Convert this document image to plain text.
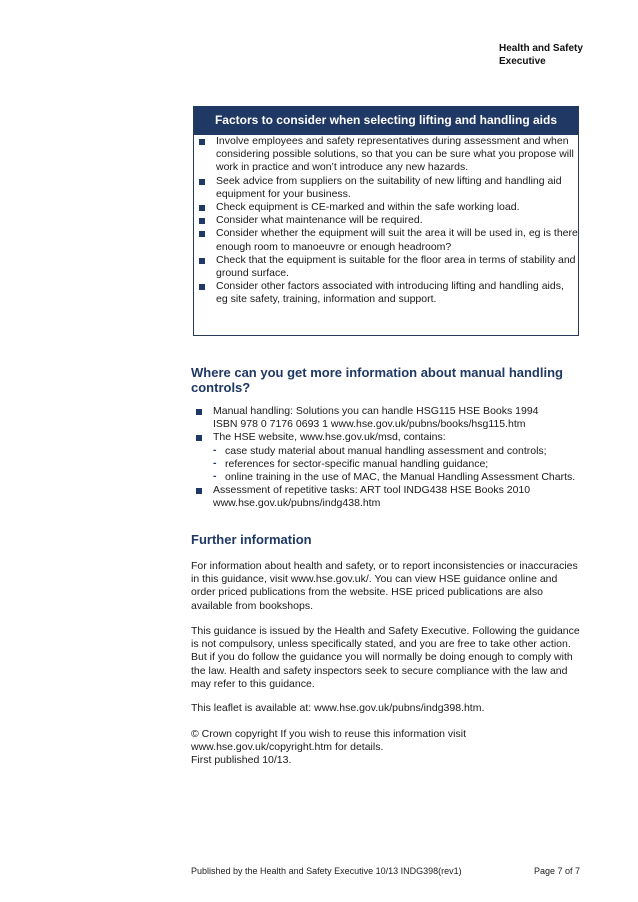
Health and Safety
Executive
Factors to consider when selecting lifting and handling aids
Involve employees and safety representatives during assessment and when considering possible solutions, so that you can be sure what you propose will work in practice and won’t introduce any new hazards.
Seek advice from suppliers on the suitability of new lifting and handling aid equipment for your business.
Check equipment is CE-marked and within the safe working load.
Consider what maintenance will be required.
Consider whether the equipment will suit the area it will be used in, eg is there enough room to manoeuvre or enough headroom?
Check that the equipment is suitable for the floor area in terms of stability and ground surface.
Consider other factors associated with introducing lifting and handling aids, eg site safety, training, information and support.
Where can you get more information about manual handling controls?
Manual handling: Solutions you can handle HSG115 HSE Books 1994
ISBN 978 0 7176 0693 1 www.hse.gov.uk/pubns/books/hsg115.htm
The HSE website, www.hse.gov.uk/msd, contains:
- case study material about manual handling assessment and controls;
- references for sector-specific manual handling guidance;
- online training in the use of MAC, the Manual Handling Assessment Charts.
Assessment of repetitive tasks: ART tool INDG438 HSE Books 2010
www.hse.gov.uk/pubns/indg438.htm
Further information

For information about health and safety, or to report inconsistencies or inaccuracies in this guidance, visit www.hse.gov.uk/. You can view HSE guidance online and order priced publications from the website. HSE priced publications are also available from bookshops.

This guidance is issued by the Health and Safety Executive. Following the guidance is not compulsory, unless specifically stated, and you are free to take other action. But if you do follow the guidance you will normally be doing enough to comply with the law. Health and safety inspectors seek to secure compliance with the law and may refer to this guidance.

This leaflet is available at: www.hse.gov.uk/pubns/indg398.htm.

© Crown copyright If you wish to reuse this information visit
www.hse.gov.uk/copyright.htm for details.
First published 10/13.

Published by the Health and Safety Executive 10/13 INDG398(rev1)	Page 7 of 7
